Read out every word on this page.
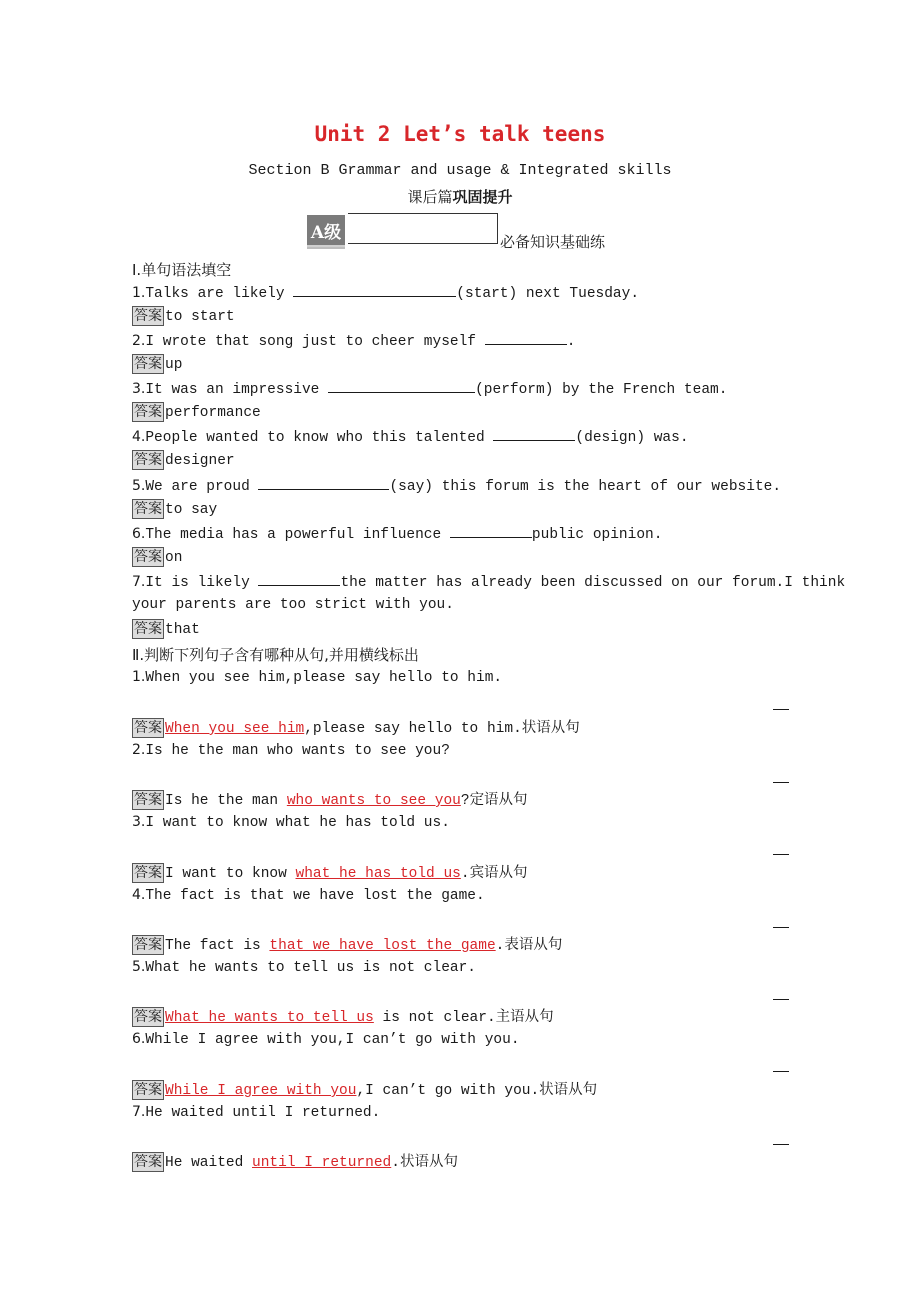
Unit 2 Let’s talk teens
Section B Grammar and usage & Integrated skills
课后篇巩固提升
A级	必备知识基础练
Ⅰ.单句语法填空
1.Talks are likely	(start) next Tuesday.
答案 to start
2.I wrote that song just to cheer myself	.
答案 up
3.It was an impressive	(perform) by the French team.
答案 performance
4.People wanted to know who this talented	(design) was.
答案 designer
5.We are proud	(say) this forum is the heart of our website.
答案 to say
6.The media has a powerful influence	public opinion.
答案 on
7.It is likely	the matter has already been discussed on our forum.I think
your parents are too strict with you.
答案 that
Ⅱ.判断下列句子含有哪种从句,并用横线标出
1.When you see him,please say hello to him.
答案 When you see him,please say hello to him.状语从句
2.Is he the man who wants to see you?
答案 Is he the man who wants to see you?定语从句
3.I want to know what he has told us.
答案 I want to know what he has told us.宾语从句
4.The fact is that we have lost the game.
答案 The fact is that we have lost the game.表语从句
5.What he wants to tell us is not clear.
答案 What he wants to tell us is not clear.主语从句
6.While I agree with you,I can’t go with you.
答案 While I agree with you,I can’t go with you.状语从句
7.He waited until I returned.
答案 He waited until I returned.状语从句
